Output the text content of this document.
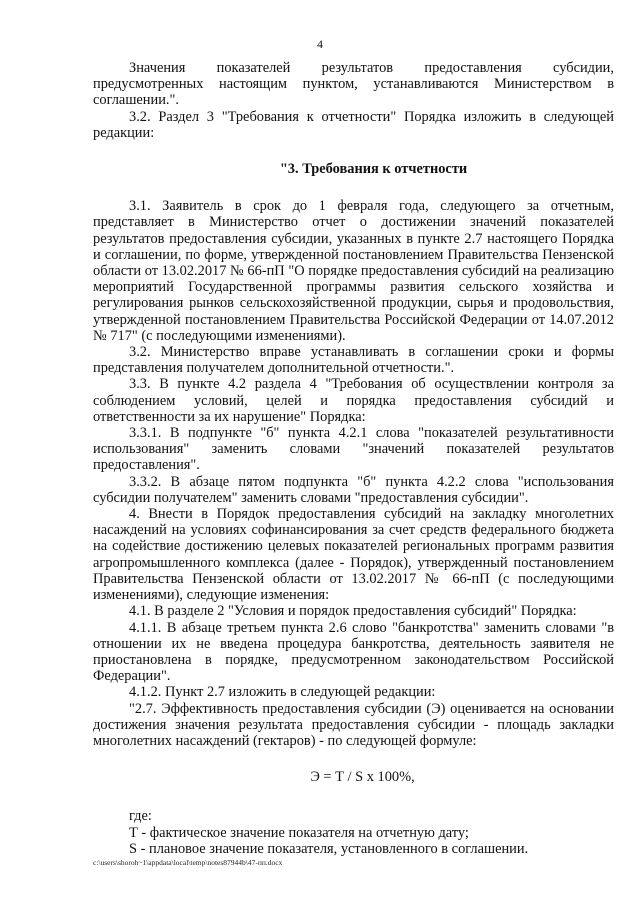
4

Значения показателей результатов предоставления субсидии, предусмотренных настоящим пунктом, устанавливаются Министерством в соглашении.".

3.2. Раздел 3 "Требования к отчетности" Порядка изложить в следующей редакции:

"3. Требования к отчетности

3.1. Заявитель в срок до 1 февраля года, следующего за отчетным, представляет в Министерство отчет о достижении значений показателей результатов предоставления субсидии, указанных в пункте 2.7 настоящего Порядка и соглашении, по форме, утвержденной постановлением Правительства Пензенской области от 13.02.2017 № 66-пП "О порядке предоставления субсидий на реализацию мероприятий Государственной программы развития сельского хозяйства и регулирования рынков сельскохозяйственной продукции, сырья и продовольствия, утвержденной постановлением Правительства Российской Федерации от 14.07.2012 № 717" (с последующими изменениями).

3.2. Министерство вправе устанавливать в соглашении сроки и формы представления получателем дополнительной отчетности.".

3.3. В пункте 4.2 раздела 4 "Требования об осуществлении контроля за соблюдением условий, целей и порядка предоставления субсидий и ответственности за их нарушение" Порядка:

3.3.1. В подпункте "б" пункта 4.2.1 слова "показателей результативности использования" заменить словами "значений показателей результатов предоставления".

3.3.2. В абзаце пятом подпункта "б" пункта 4.2.2 слова "использования субсидии получателем" заменить словами "предоставления субсидии".

4. Внести в Порядок предоставления субсидий на закладку многолетних насаждений на условиях софинансирования за счет средств федерального бюджета на содействие достижению целевых показателей региональных программ развития агропромышленного комплекса (далее - Порядок), утвержденный постановлением Правительства Пензенской области от 13.02.2017 № 66-пП (с последующими изменениями), следующие изменения:

4.1. В разделе 2 "Условия и порядок предоставления субсидий" Порядка:

4.1.1. В абзаце третьем пункта 2.6 слово "банкротства" заменить словами "в отношении их не введена процедура банкротства, деятельность заявителя не приостановлена в порядке, предусмотренном законодательством Российской Федерации".

4.1.2. Пункт 2.7 изложить в следующей редакции:

"2.7. Эффективность предоставления субсидии (Э) оценивается на основании достижения значения результата предоставления субсидии - площадь закладки многолетних насаждений (гектаров) - по следующей формуле:

Э = Т / S х 100%,

где:

Т - фактическое значение показателя на отчетную дату;

S - плановое значение показателя, установленного в соглашении.

c:\users\shoroh~1\appdata\local\temp\notes87944b\47-пп.docx
